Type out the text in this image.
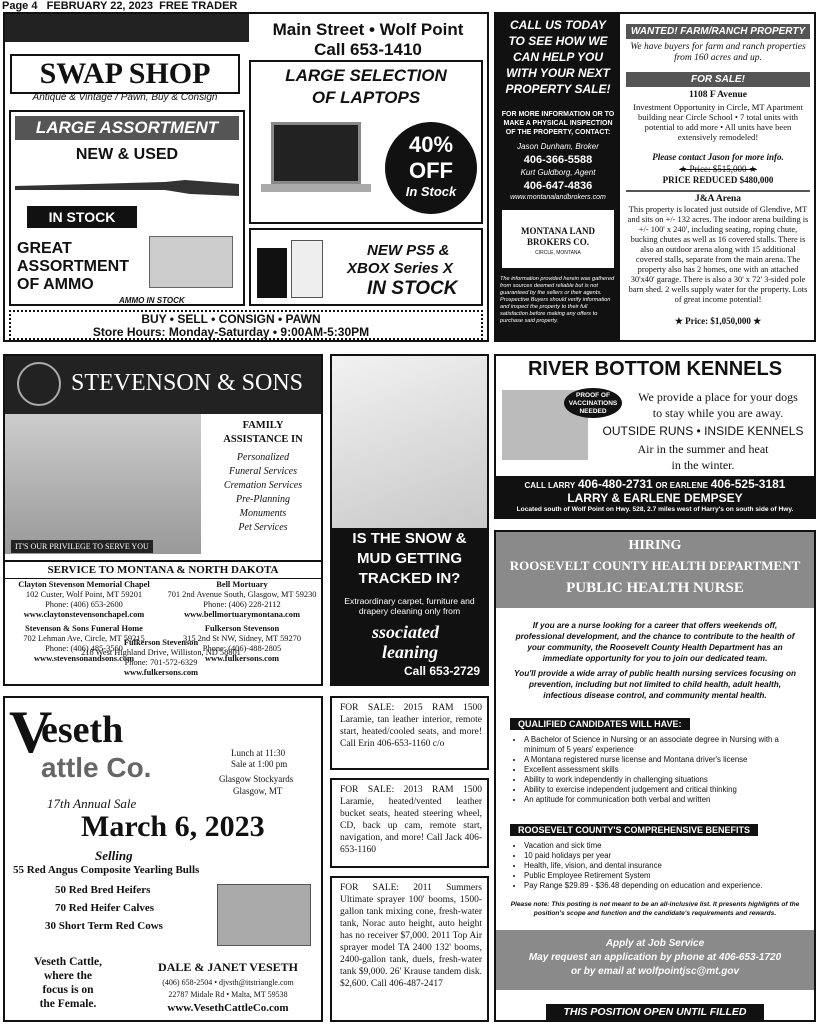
Page 4   FEBRUARY 22, 2023  FREE TRADER
SWAP SHOP
Antique & Vintage / Pawn, Buy & Consign
Main Street • Wolf Point
Call 653-1410
LARGE ASSORTMENT
NEW & USED
IN STOCK
GREAT
ASSORTMENT
OF AMMO
AMMO IN STOCK
LARGE SELECTION
OF LAPTOPS
40%
OFF
In Stock
NEW PS5 &
XBOX Series X
IN STOCK
BUY • SELL • CONSIGN • PAWN
Store Hours: Monday-Saturday • 9:00AM-5:30PM
CALL US TODAY
TO SEE HOW WE
CAN HELP YOU
WITH YOUR NEXT
PROPERTY SALE!
FOR MORE INFORMATION OR TO MAKE A PHYSICAL INSPECTION OF THE PROPERTY, CONTACT:
Jason Dunham, Broker
406-366-5588
Kurt Guldborg, Agent
406-647-4836
www.montanalandbrokers.com
MONTANA LAND
BROKERS CO.
CIRCLE, MONTANA
The information provided herein was gathered from sources deemed reliable but is not guaranteed by the sellers or their agents. Prospective Buyers should verify information and inspect the property to their full satisfaction before making any offers to purchase said property.
WANTED! FARM/RANCH PROPERTY
We have buyers for farm and ranch properties from 160 acres and up.
FOR SALE!
1108 F Avenue
Investment Opportunity in Circle, MT Apartment building near Circle School • 7 total units with potential to add more • All units have been extensively remodeled!
Please contact Jason for more info.
★ Price: $515,000 ★
PRICE REDUCED $480,000
J&A Arena
This property is located just outside of Glendive, MT and sits on +/- 132 acres. The indoor arena building is +/- 100' x 240', including seating, roping chute, bucking chutes as well as 16 covered stalls. There is also an outdoor arena along with 15 additional covered stalls, separate from the main arena. The property also has 2 homes, one with an attached 30'x40' garage. There is also a 30' x 72' 3-sided pole barn shed. 2 wells supply water for the property. Lots of great income potential!
★ Price: $1,050,000 ★
STEVENSON & SONS
IT'S OUR PRIVILEGE TO SERVE YOU
FAMILY
ASSISTANCE IN
Personalized
Funeral Services
Cremation Services
Pre-Planning
Monuments
Pet Services
SERVICE TO MONTANA & NORTH DAKOTA
Clayton Stevenson Memorial Chapel
102 Custer, Wolf Point, MT 59201
Phone: (406) 653-2600
www.claytonstevensonchapel.com
Bell Mortuary
701 2nd Avenue South, Glasgow, MT 59230
Phone: (406) 228-2112
www.bellmortuarymontana.com
Stevenson & Sons Funeral Home
702 Lehman Ave, Circle, MT 59215
Phone: (406) 485-3560
www.stevensonandsons.com
Fulkerson Stevenson
315 2nd St NW, Sidney, MT 59270
Phone: (406)-488-2805
www.fulkersons.com
Fulkerson Stevenson
218 West Highland Drive, Williston, ND 58801
Phone: 701-572-6329
www.fulkersons.com
IS THE SNOW &
MUD GETTING
TRACKED IN?
Extraordinary carpet, furniture and drapery cleaning only from
ssociated
leaning
Call 653-2729
RIVER BOTTOM KENNELS
PROOF OF VACCINATIONS NEEDED
We provide a place for your dogs
to stay while you are away.
OUTSIDE RUNS • INSIDE KENNELS
Air in the summer and heat
in the winter.
CALL LARRY 406-480-2731 OR EARLENE 406-525-3181
LARRY & EARLENE DEMPSEY
Located south of Wolf Point on Hwy. 528, 2.7 miles west of Harry's on south side of Hwy.
HIRING
ROOSEVELT COUNTY HEALTH DEPARTMENT
PUBLIC HEALTH NURSE
If you are a nurse looking for a career that offers weekends off, professional development, and the chance to contribute to the health of your community, the Roosevelt County Health Department has an immediate opportunity for you to join our dedicated team.
You'll provide a wide array of public health nursing services focusing on prevention, including but not limited to child health, adult health, infectious disease control, and community mental health.
QUALIFIED CANDIDATES WILL HAVE:
• A Bachelor of Science in Nursing or an associate degree in Nursing with a minimum of 5 years' experience
• A Montana registered nurse license and Montana driver's license
• Excellent assessment skills
• Ability to work independently in challenging situations
• Ability to exercise independent judgement and critical thinking
• An aptitude for communication both verbal and written
ROOSEVELT COUNTY'S COMPREHENSIVE BENEFITS
• Vacation and sick time
• 10 paid holidays per year
• Health, life, vision, and dental insurance
• Public Employee Retirement System
• Pay Range $29.89 - $36.48 depending on education and experience.
Please note: This posting is not meant to be an all-inclusive list. It presents highlights of the position's scope and function and the candidate's requirements and rewards.
Apply at Job Service
May request an application by phone at 406-653-1720
or by email at wolfpointjsc@mt.gov
THIS POSITION OPEN UNTIL FILLED
eseth
V
attle Co.	Lunch at 11:30
Sale at 1:00 pm
Glasgow Stockyards
Glasgow, MT
17th Annual Sale
March 6, 2023
Selling
55 Red Angus Composite Yearling Bulls
50 Red Bred Heifers
70 Red Heifer Calves
30 Short Term Red Cows
Veseth Cattle,
where the
focus is on
the Female.
DALE & JANET VESETH
(406) 658-2504 • djvsth@itstriangle.com
22787 Midale Rd • Malta, MT 59538
www.VesethCattleCo.com
FOR SALE: 2015 RAM 1500 Laramie, tan leather interior, remote start, heated/cooled seats, and more! Call Erin 406-653-1160 c/o
FOR SALE: 2013 RAM 1500 Laramie, heated/vented leather bucket seats, heated steering wheel, CD, back up cam, remote start, navigation, and more! Call Jack 406-653-1160
FOR SALE: 2011 Summers Ultimate sprayer 100' booms, 1500-gallon tank mixing cone, fresh-water tank, Norac auto height, auto height has no receiver $7,000. 2011 Top Air sprayer model TA 2400 132' booms, 2400-gallon tank, duels, fresh-water tank $9,000. 26' Krause tandem disk. $2,600. Call 406-487-2417
